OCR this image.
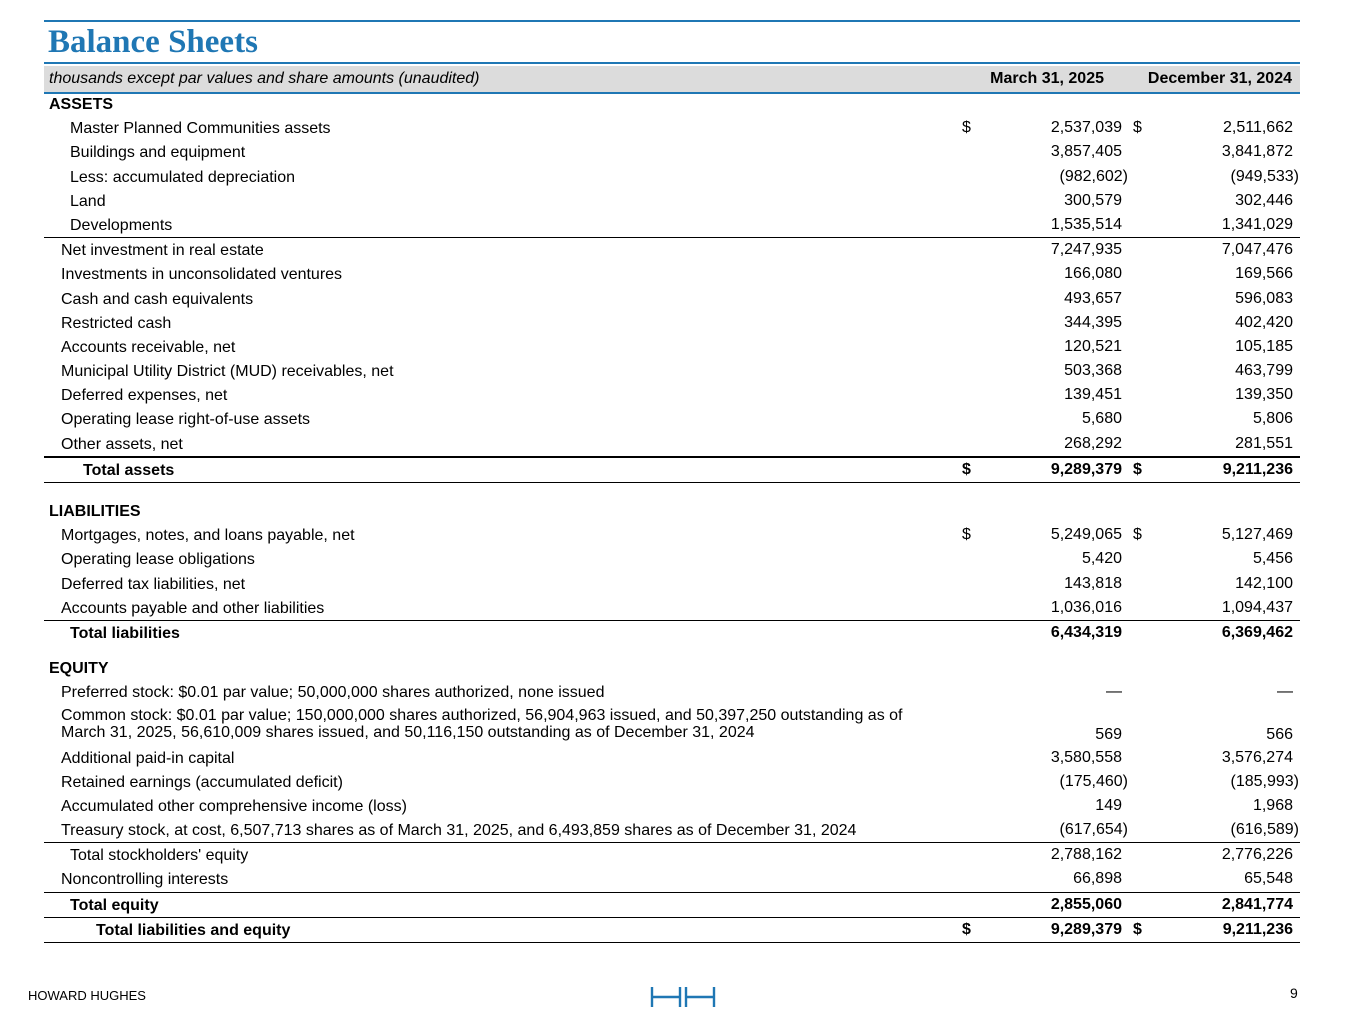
Balance Sheets
thousands except par values and share amounts (unaudited)	March 31, 2025	December 31, 2024
ASSETS
Master Planned Communities assets	$	2,537,039 $	2,511,662
Buildings and equipment	3,857,405	3,841,872
Less: accumulated depreciation	(982,602)	(949,533)
Land	300,579	302,446
Developments	1,535,514	1,341,029
Net investment in real estate	7,247,935	7,047,476
Investments in unconsolidated ventures	166,080	169,566
Cash and cash equivalents	493,657	596,083
Restricted cash	344,395	402,420
Accounts receivable, net	120,521	105,185
Municipal Utility District (MUD) receivables, net	503,368	463,799
Deferred expenses, net	139,451	139,350
Operating lease right-of-use assets	5,680	5,806
Other assets, net	268,292	281,551
Total assets	$	9,289,379 $	9,211,236
LIABILITIES
Mortgages, notes, and loans payable, net	$	5,249,065 $	5,127,469
Operating lease obligations	5,420	5,456
Deferred tax liabilities, net	143,818	142,100
Accounts payable and other liabilities	1,036,016	1,094,437
Total liabilities	6,434,319	6,369,462
EQUITY
Preferred stock: $0.01 par value; 50,000,000 shares authorized, none issued	—	—
Common stock: $0.01 par value; 150,000,000 shares authorized, 56,904,963 issued, and 50,397,250 outstanding as of March 31, 2025, 56,610,009 shares issued, and 50,116,150 outstanding as of December 31, 2024	569	566
Additional paid-in capital	3,580,558	3,576,274
Retained earnings (accumulated deficit)	(175,460)	(185,993)
Accumulated other comprehensive income (loss)	149	1,968
Treasury stock, at cost, 6,507,713 shares as of March 31, 2025, and 6,493,859 shares as of December 31, 2024	(617,654)	(616,589)
Total stockholders' equity	2,788,162	2,776,226
Noncontrolling interests	66,898	65,548
Total equity	2,855,060	2,841,774
Total liabilities and equity	$	9,289,379 $	9,211,236
HOWARD HUGHES	9
